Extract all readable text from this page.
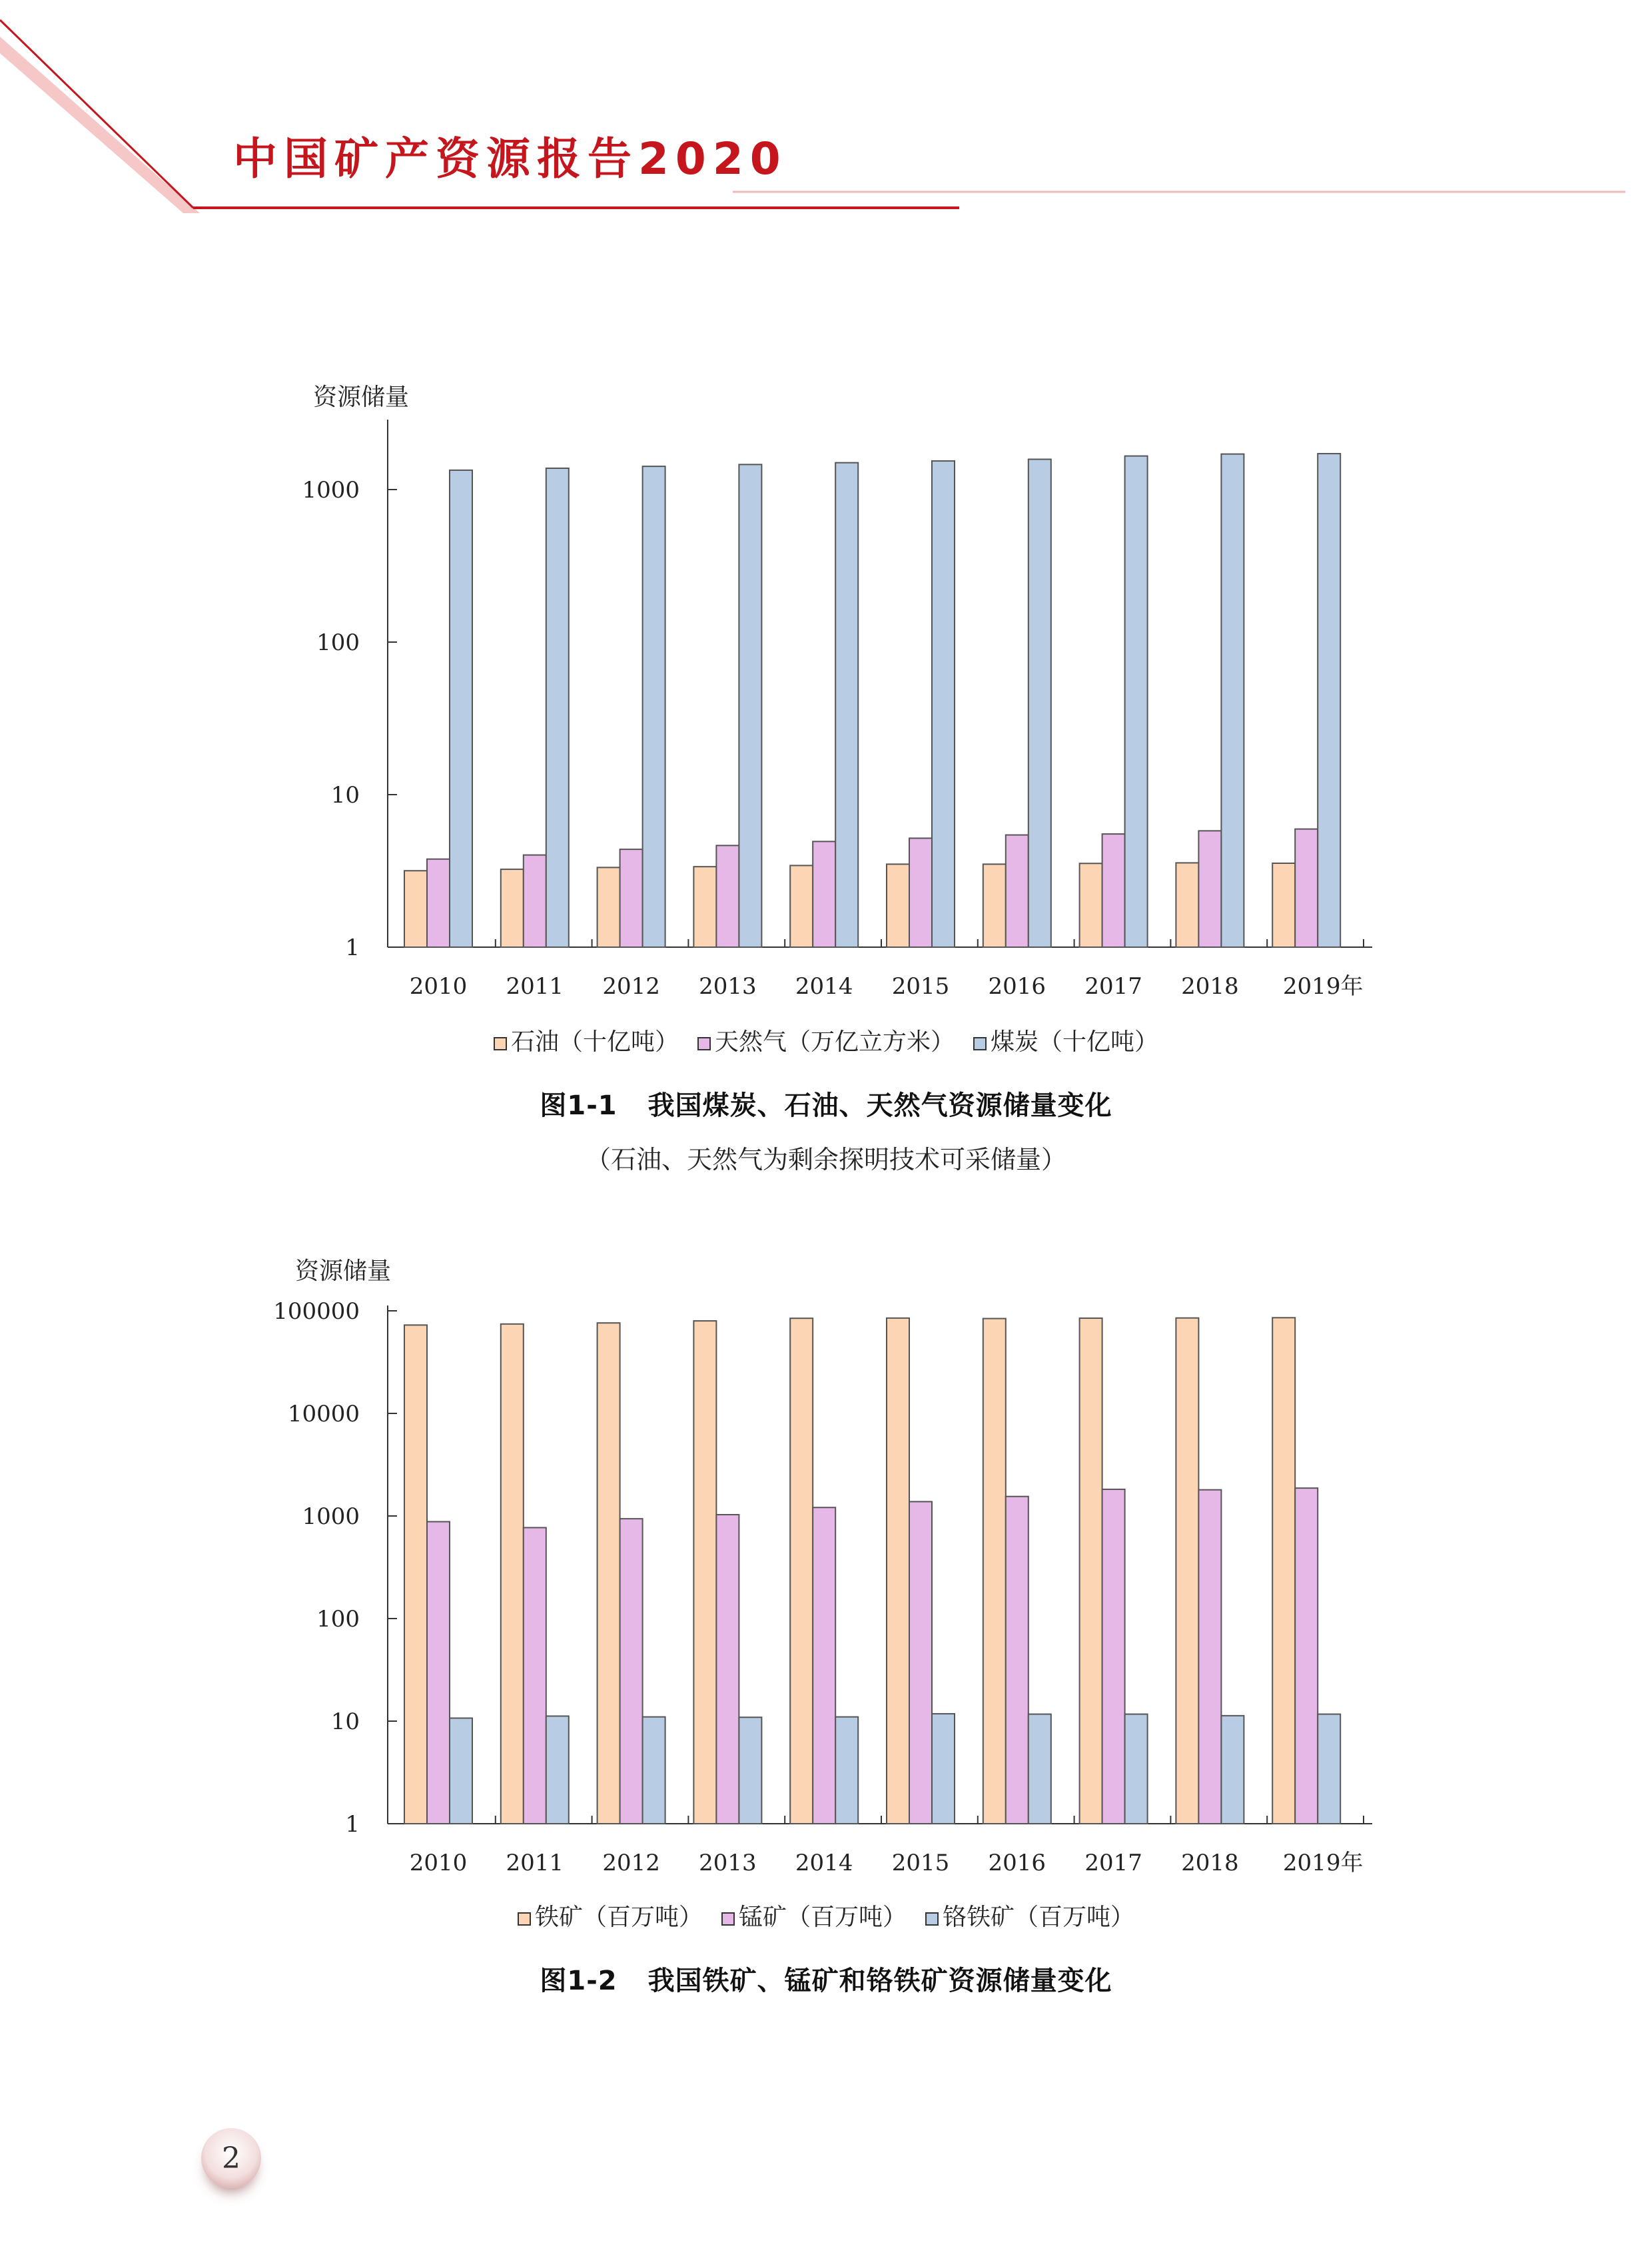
中国矿产资源报告2020
资源储量
1
10
100
1000
2010 2011 2012 2013 2014 2015 2016 2017 2018 2019年
石油（十亿吨） 天然气（万亿立方米） 煤炭（十亿吨）
图1-1 我国煤炭、石油、天然气资源储量变化
（石油、天然气为剩余探明技术可采储量）
资源储量
1
10
100
1000
10000
100000
2010 2011 2012 2013 2014 2015 2016 2017 2018 2019年
铁矿（百万吨） 锰矿（百万吨） 铬铁矿（百万吨）
图1-2 我国铁矿、锰矿和铬铁矿资源储量变化
2
